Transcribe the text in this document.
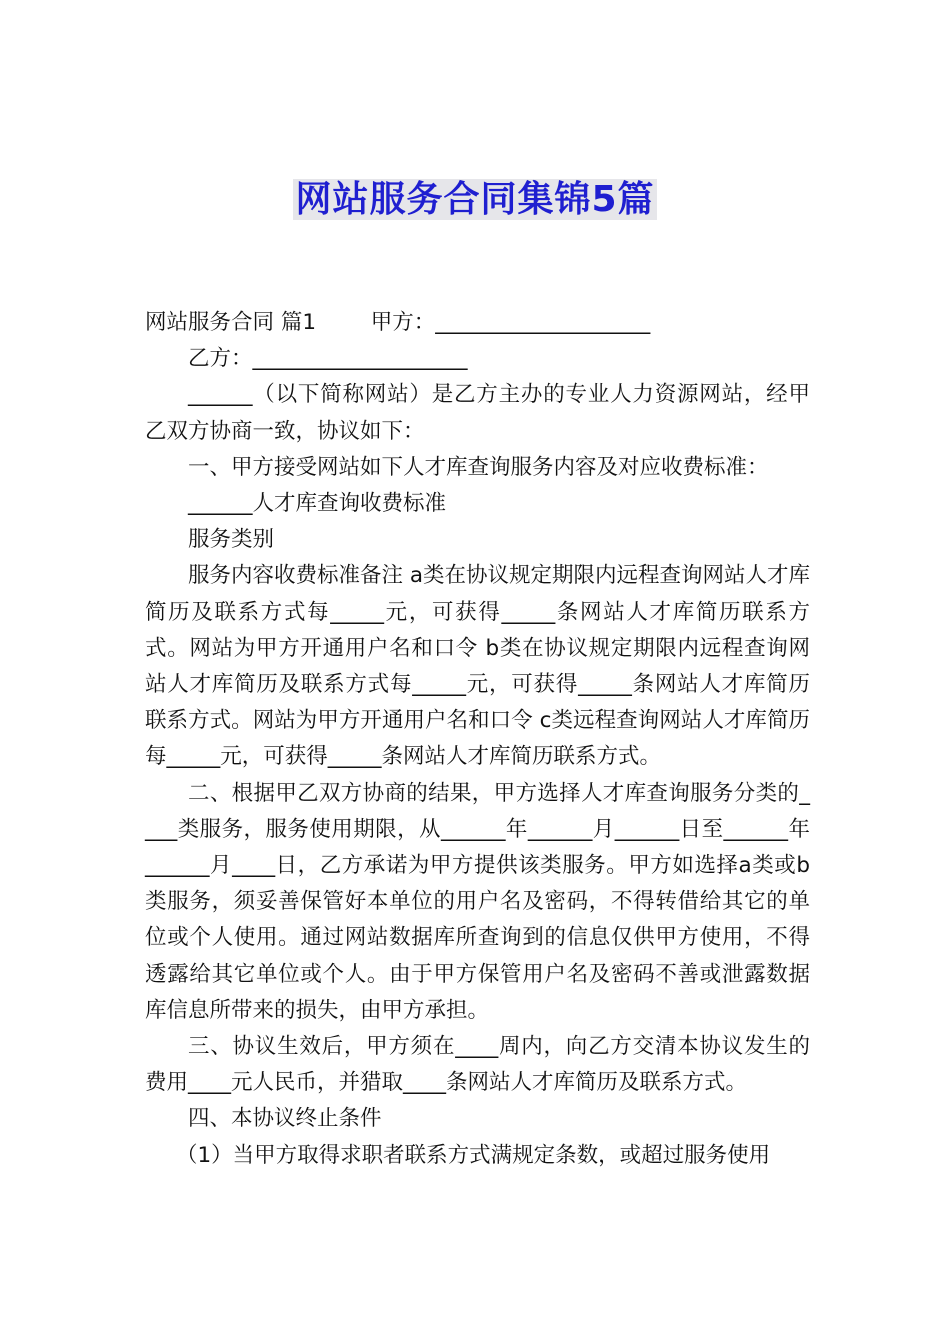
网站服务合同集锦5篇

网站服务合同 篇1        甲方：____________________

乙方：____________________

______（以下简称网站）是乙方主办的专业人力资源网站，经甲乙双方协商一致，协议如下：

一、甲方接受网站如下人才库查询服务内容及对应收费标准：

______人才库查询收费标准

服务类别

服务内容收费标准备注 a类在协议规定期限内远程查询网站人才库简历及联系方式每_____元，可获得_____条网站人才库简历联系方式。网站为甲方开通用户名和口令 b类在协议规定期限内远程查询网站人才库简历及联系方式每_____元，可获得_____条网站人才库简历联系方式。网站为甲方开通用户名和口令 c类远程查询网站人才库简历每_____元，可获得_____条网站人才库简历联系方式。

二、根据甲乙双方协商的结果，甲方选择人才库查询服务分类的____类服务，服务使用期限，从______年______月______日至______年______月____日，乙方承诺为甲方提供该类服务。甲方如选择a类或b类服务，须妥善保管好本单位的用户名及密码，不得转借给其它的单位或个人使用。通过网站数据库所查询到的信息仅供甲方使用，不得透露给其它单位或个人。由于甲方保管用户名及密码不善或泄露数据库信息所带来的损失，由甲方承担。

三、协议生效后，甲方须在____周内，向乙方交清本协议发生的费用____元人民币，并猎取____条网站人才库简历及联系方式。

四、本协议终止条件

（1）当甲方取得求职者联系方式满规定条数，或超过服务使用
